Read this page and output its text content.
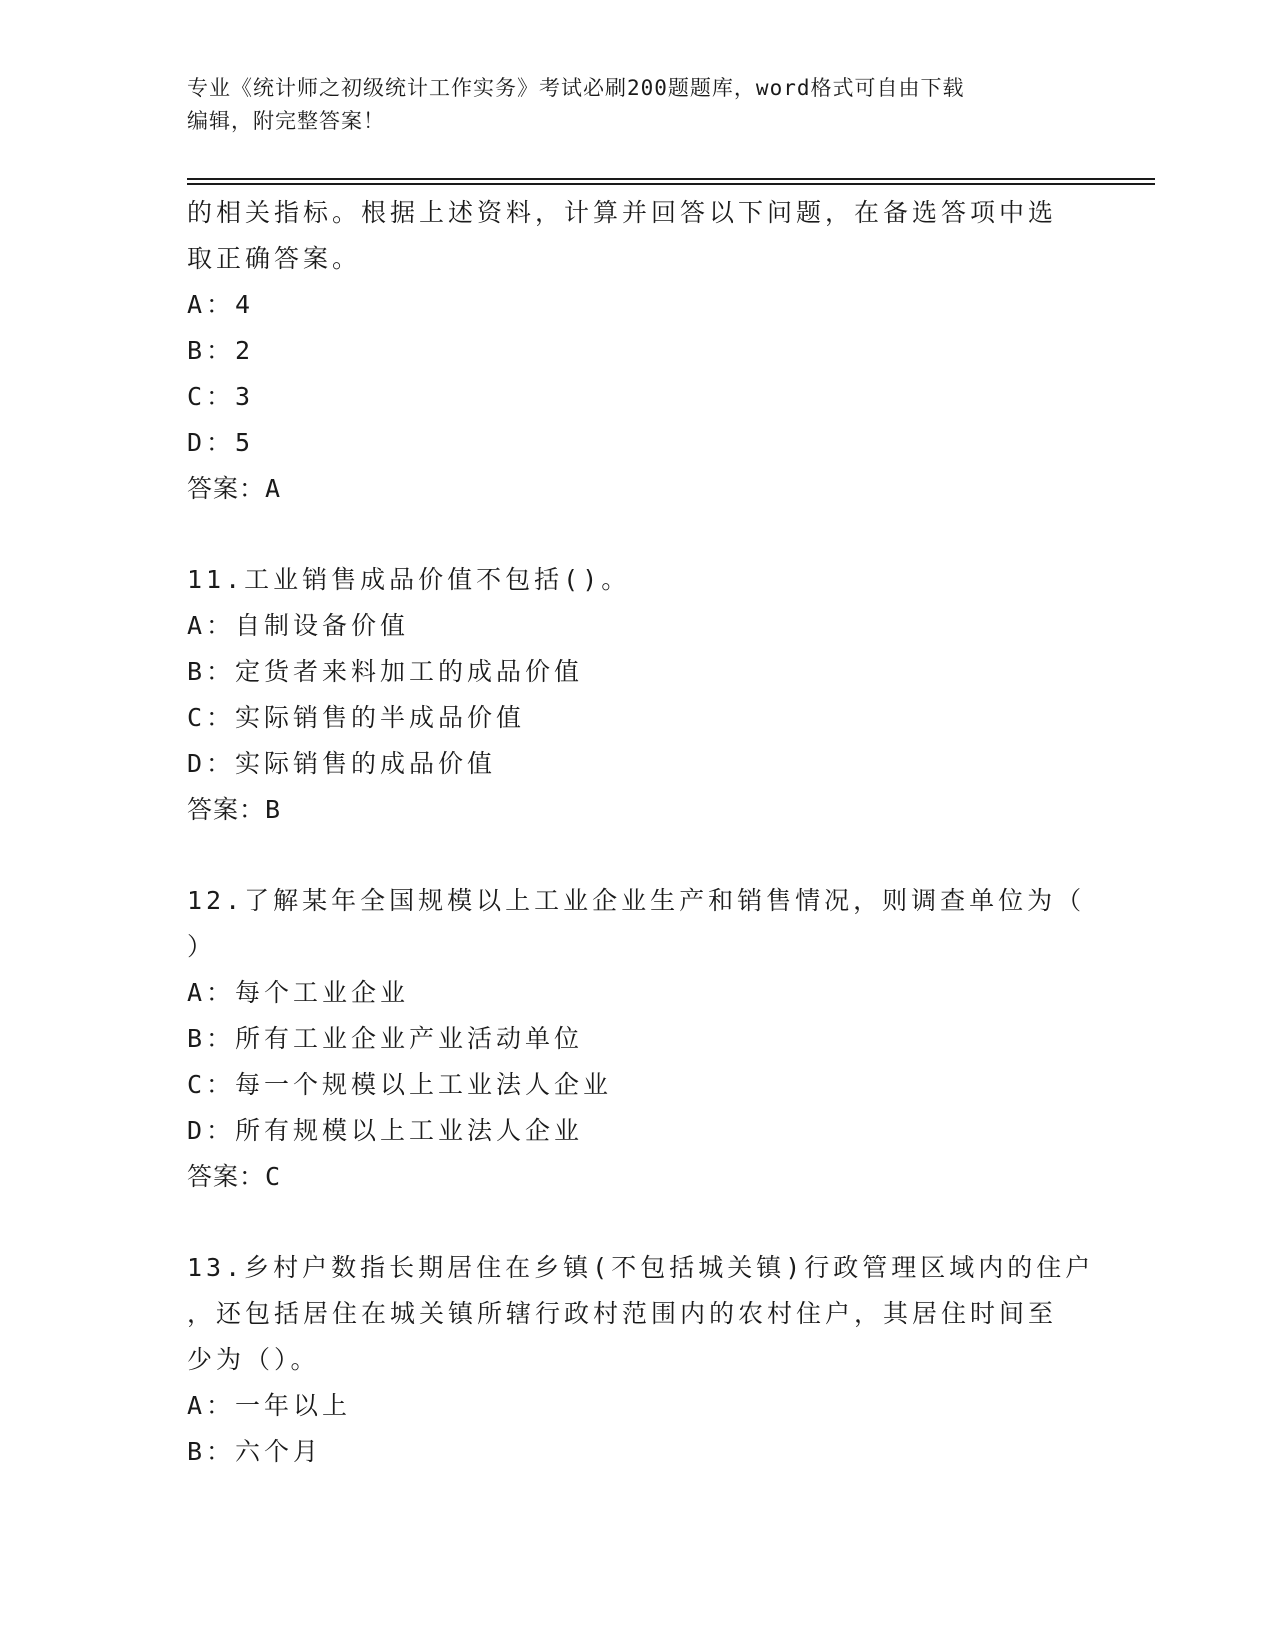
专业《统计师之初级统计工作实务》考试必刷200题题库，word格式可自由下载
编辑，附完整答案！
的相关指标。根据上述资料，计算并回答以下问题，在备选答项中选
取正确答案。
A：4
B：2
C：3
D：5
答案：A
11.工业销售成品价值不包括()。
A：自制设备价值
B：定货者来料加工的成品价值
C：实际销售的半成品价值
D：实际销售的成品价值
答案：B
12.了解某年全国规模以上工业企业生产和销售情况，则调查单位为（
）
A：每个工业企业
B：所有工业企业产业活动单位
C：每一个规模以上工业法人企业
D：所有规模以上工业法人企业
答案：C
13.乡村户数指长期居住在乡镇(不包括城关镇)行政管理区域内的住户
，还包括居住在城关镇所辖行政村范围内的农村住户，其居住时间至
少为（）。
A：一年以上
B：六个月
